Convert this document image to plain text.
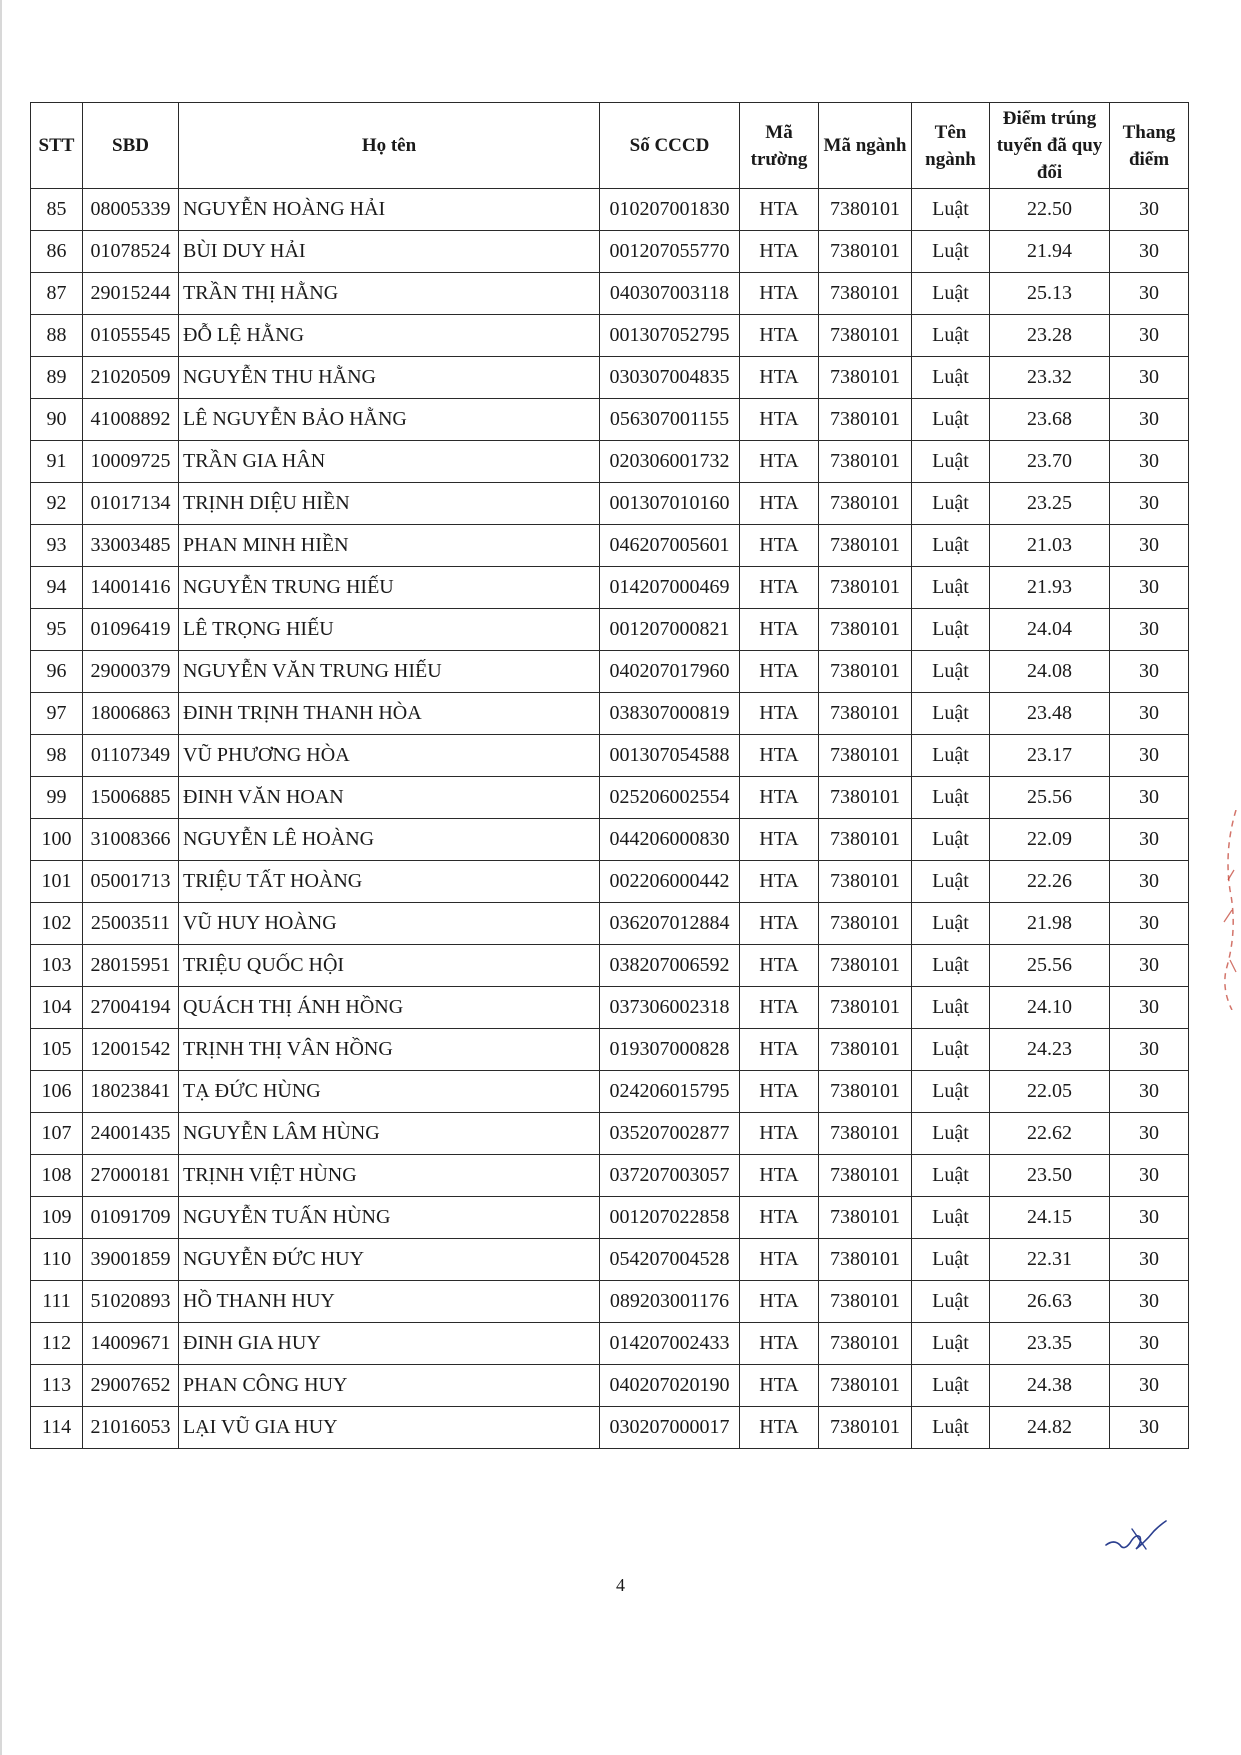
STT	SBD	Họ tên	Số CCCD	Mã trường	Mã ngành	Tên ngành	Điểm trúng tuyển đã quy đổi	Thang điểm
85	08005339	NGUYỄN HOÀNG HẢI	010207001830	HTA	7380101	Luật	22.50	30
86	01078524	BÙI DUY HẢI	001207055770	HTA	7380101	Luật	21.94	30
87	29015244	TRẦN THỊ HẰNG	040307003118	HTA	7380101	Luật	25.13	30
88	01055545	ĐỖ LỆ HẰNG	001307052795	HTA	7380101	Luật	23.28	30
89	21020509	NGUYỄN THU HẰNG	030307004835	HTA	7380101	Luật	23.32	30
90	41008892	LÊ NGUYỄN BẢO HẰNG	056307001155	HTA	7380101	Luật	23.68	30
91	10009725	TRẦN GIA HÂN	020306001732	HTA	7380101	Luật	23.70	30
92	01017134	TRỊNH DIỆU HIỀN	001307010160	HTA	7380101	Luật	23.25	30
93	33003485	PHAN MINH HIỀN	046207005601	HTA	7380101	Luật	21.03	30
94	14001416	NGUYỄN TRUNG HIẾU	014207000469	HTA	7380101	Luật	21.93	30
95	01096419	LÊ TRỌNG HIẾU	001207000821	HTA	7380101	Luật	24.04	30
96	29000379	NGUYỄN VĂN TRUNG HIẾU	040207017960	HTA	7380101	Luật	24.08	30
97	18006863	ĐINH TRỊNH THANH HÒA	038307000819	HTA	7380101	Luật	23.48	30
98	01107349	VŨ PHƯƠNG HÒA	001307054588	HTA	7380101	Luật	23.17	30
99	15006885	ĐINH VĂN HOAN	025206002554	HTA	7380101	Luật	25.56	30
100	31008366	NGUYỄN LÊ HOÀNG	044206000830	HTA	7380101	Luật	22.09	30
101	05001713	TRIỆU TẤT HOÀNG	002206000442	HTA	7380101	Luật	22.26	30
102	25003511	VŨ HUY HOÀNG	036207012884	HTA	7380101	Luật	21.98	30
103	28015951	TRIỆU QUỐC HỘI	038207006592	HTA	7380101	Luật	25.56	30
104	27004194	QUÁCH THỊ ÁNH HỒNG	037306002318	HTA	7380101	Luật	24.10	30
105	12001542	TRỊNH THỊ VÂN HỒNG	019307000828	HTA	7380101	Luật	24.23	30
106	18023841	TẠ ĐỨC HÙNG	024206015795	HTA	7380101	Luật	22.05	30
107	24001435	NGUYỄN LÂM HÙNG	035207002877	HTA	7380101	Luật	22.62	30
108	27000181	TRỊNH VIỆT HÙNG	037207003057	HTA	7380101	Luật	23.50	30
109	01091709	NGUYỄN TUẤN HÙNG	001207022858	HTA	7380101	Luật	24.15	30
110	39001859	NGUYỄN ĐỨC HUY	054207004528	HTA	7380101	Luật	22.31	30
111	51020893	HỒ THANH HUY	089203001176	HTA	7380101	Luật	26.63	30
112	14009671	ĐINH GIA HUY	014207002433	HTA	7380101	Luật	23.35	30
113	29007652	PHAN CÔNG HUY	040207020190	HTA	7380101	Luật	24.38	30
114	21016053	LẠI VŨ GIA HUY	030207000017	HTA	7380101	Luật	24.82	30
4
